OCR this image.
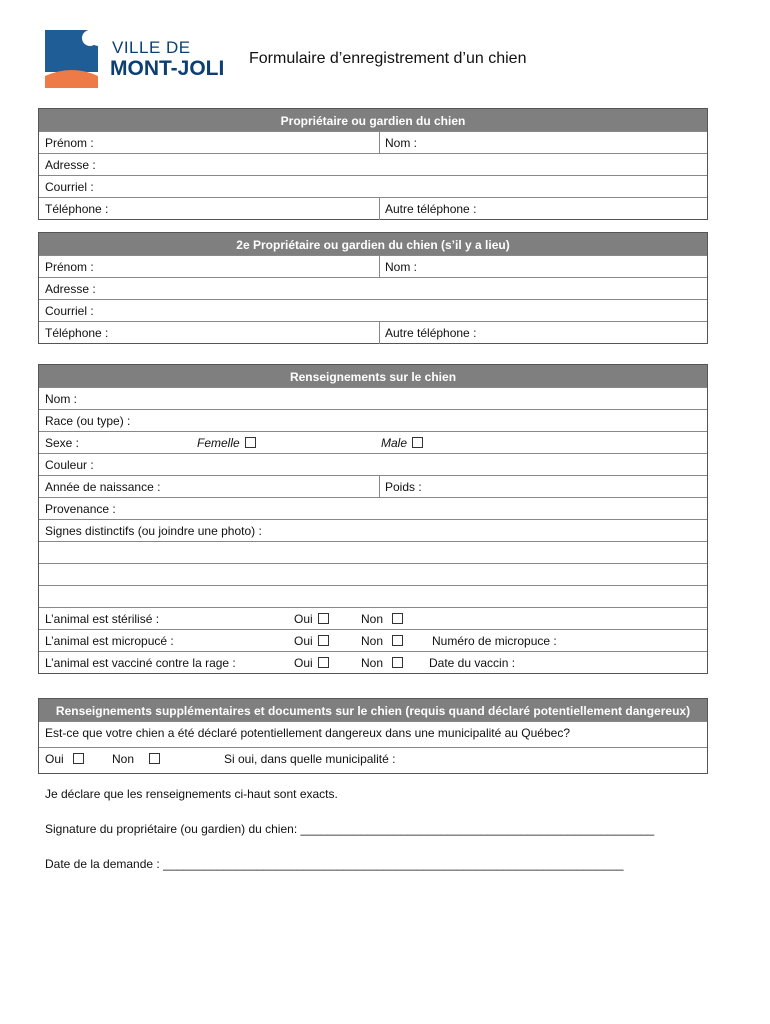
VILLE DE
MONT-JOLI Formulaire d’enregistrement d’un chien
Propriétaire ou gardien du chien
Prénom :	Nom :
Adresse :
Courriel :
Téléphone :	Autre téléphone :
2e Propriétaire ou gardien du chien (s’il y a lieu)
Prénom :	Nom :
Adresse :
Courriel :
Téléphone :	Autre téléphone :
Renseignements sur le chien
Nom :
Race (ou type) :
Sexe :	Femelle	Male
Couleur :
Année de naissance :	Poids :
Provenance :
Signes distinctifs (ou joindre une photo) :
L’animal est stérilisé :	Oui	Non
L’animal est micropucé :	Oui	Non	Numéro de micropuce :
L’animal est vacciné contre la rage :	Oui	Non	Date du vaccin :
Renseignements supplémentaires et documents sur le chien (requis quand déclaré potentiellement dangereux)
Est-ce que votre chien a été déclaré potentiellement dangereux dans une municipalité au Québec?
Oui	Non	Si oui, dans quelle municipalité :
Je déclare que les renseignements ci-haut sont exacts.
Signature du propriétaire (ou gardien) du chien: _____________________________________________________
Date de la demande : _____________________________________________________________________
